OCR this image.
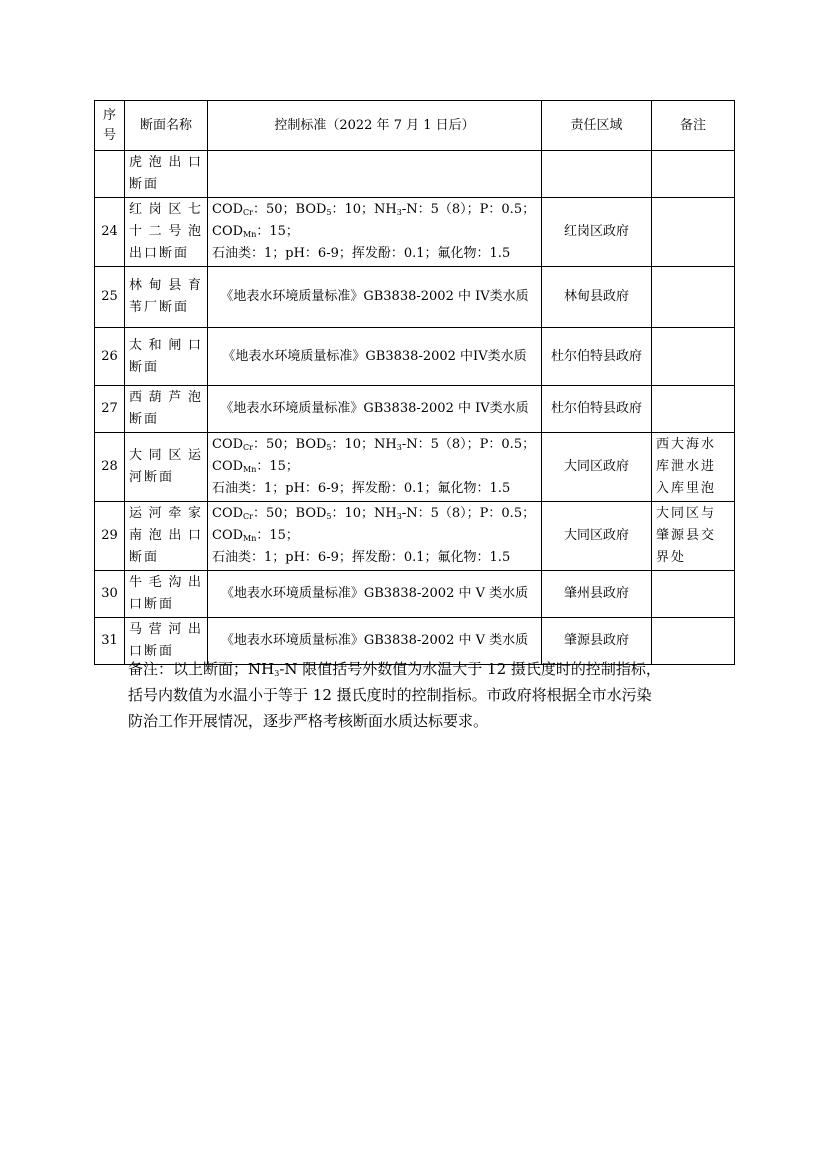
序号	断面名称	控制标准（2022 年 7 月 1 日后）	责任区域	备注
	虎泡出口断面			
24	红岗区七十二号泡出口断面	$COD_{Cr}$：50；$BOD_5$：10；$NH_3-N$：5（8）；P：0.5；
$COD_{Mn}$：15；
石油类：1；pH：6-9；挥发酚：0.1；氟化物：1.5	红岗区政府	
25	林甸县育苇厂断面	《地表水环境质量标准》GB3838-2002 中 IV类水质	林甸县政府	
26	太和闸口断面	《地表水环境质量标准》GB3838-2002 中IV类水质	杜尔伯特县政府	
27	西葫芦泡断面	《地表水环境质量标准》GB3838-2002 中 IV类水质	杜尔伯特县政府	
28	大同区运河断面	$COD_{Cr}$：50；$BOD_5$：10；$NH_3-N$：5（8）；P：0.5；
$COD_{Mn}$：15；
石油类：1；pH：6-9；挥发酚：0.1；氟化物：1.5	大同区政府	西大海水库泄水进入库里泡
29	运河牵家南泡出口断面	$COD_{Cr}$：50；$BOD_5$：10；$NH_3-N$：5（8）；P：0.5；
$COD_{Mn}$：15；
石油类：1；pH：6-9；挥发酚：0.1；氟化物：1.5	大同区政府	大同区与肇源县交界处
30	牛毛沟出口断面	《地表水环境质量标准》GB3838-2002 中 V 类水质	肇州县政府	
31	马营河出口断面	《地表水环境质量标准》GB3838-2002 中 V 类水质	肇源县政府	

备注：以上断面；$NH_3-N$ 限值括号外数值为水温大于 12 摄氏度时的控制指标，

括号内数值为水温小于等于 12 摄氏度时的控制指标。市政府将根据全市水污染

防治工作开展情况，逐步严格考核断面水质达标要求。
